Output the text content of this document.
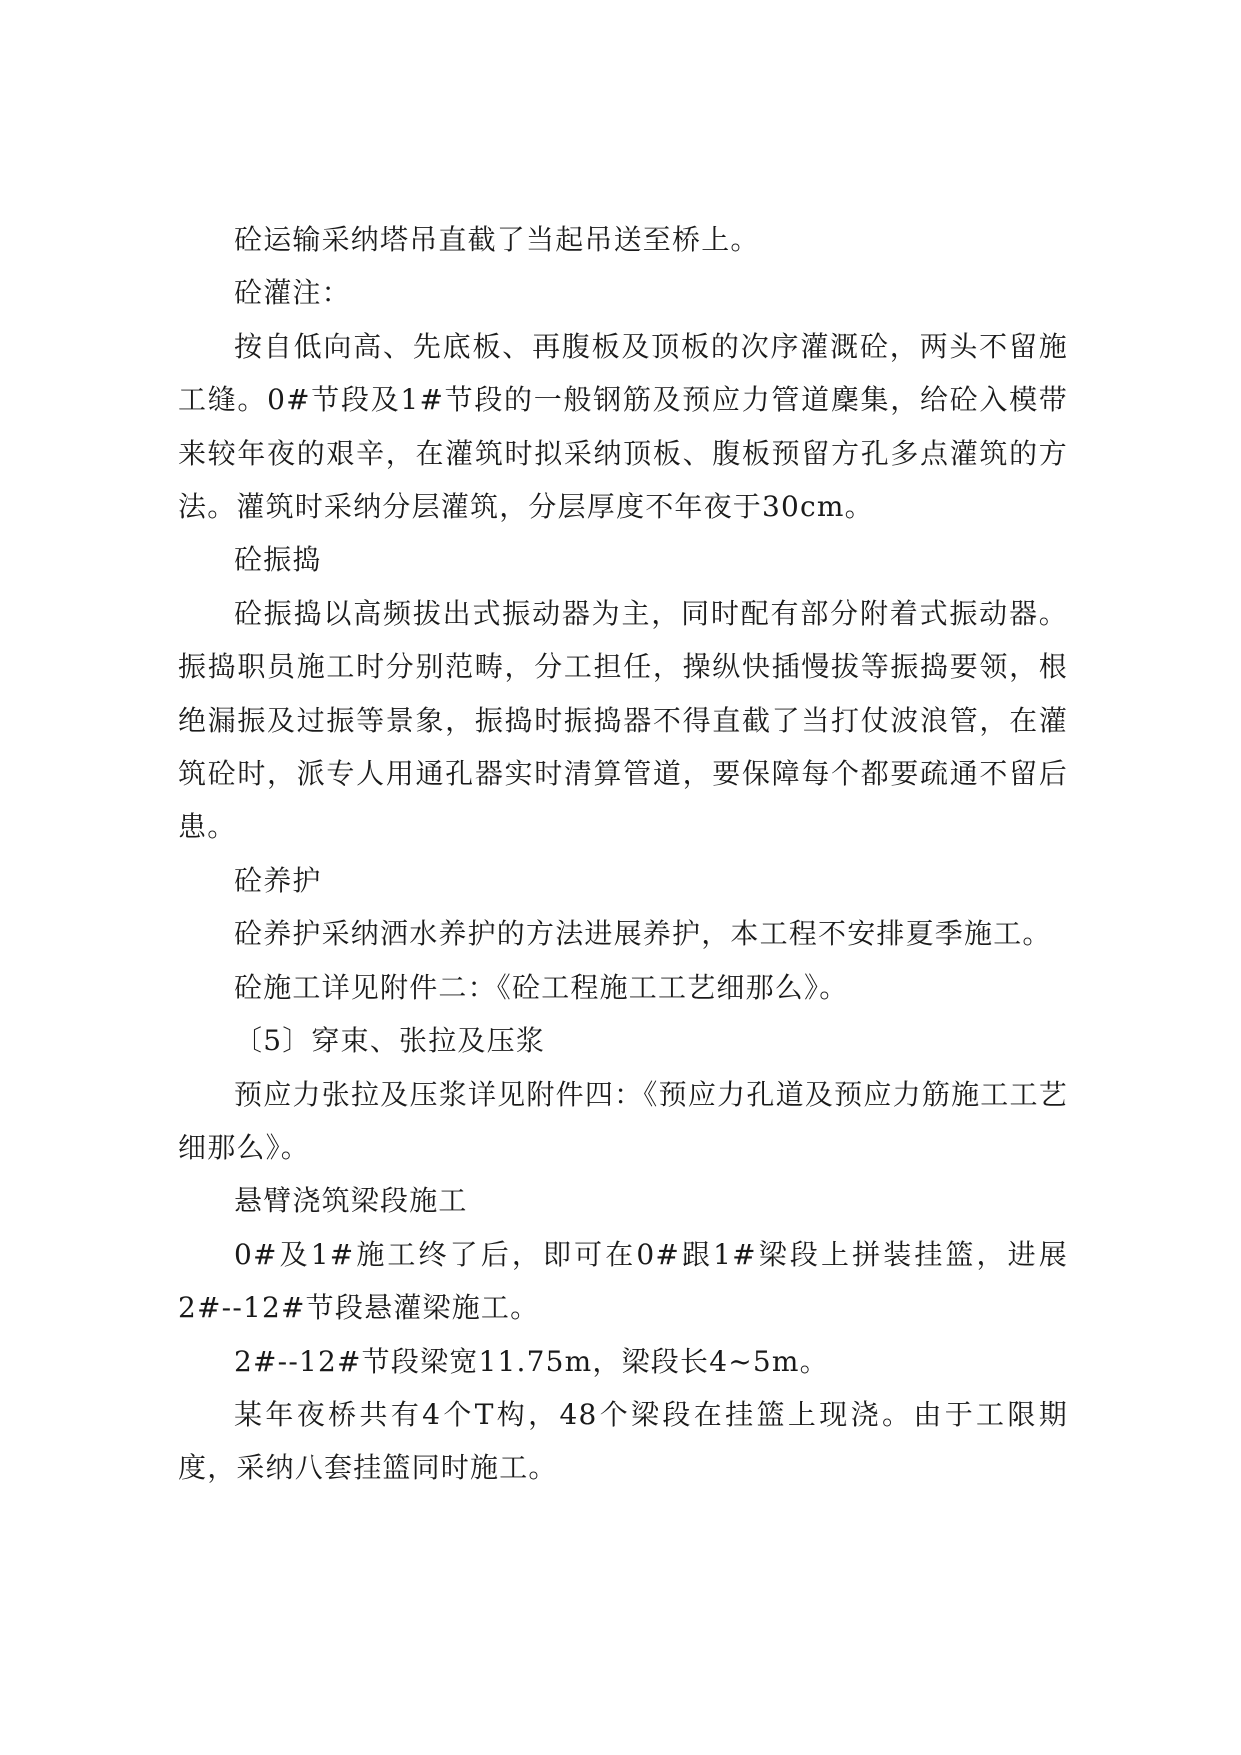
砼运输采纳塔吊直截了当起吊送至桥上。

砼灌注：

按自低向高、先底板、再腹板及顶板的次序灌溉砼，两头不留施工缝。0#节段及1#节段的一般钢筋及预应力管道麇集，给砼入模带来较年夜的艰辛，在灌筑时拟采纳顶板、腹板预留方孔多点灌筑的方法。灌筑时采纳分层灌筑，分层厚度不年夜于30cm。

砼振捣

砼振捣以高频拔出式振动器为主，同时配有部分附着式振动器。振捣职员施工时分别范畴，分工担任，操纵快插慢拔等振捣要领，根绝漏振及过振等景象，振捣时振捣器不得直截了当打仗波浪管，在灌筑砼时，派专人用通孔器实时清算管道，要保障每个都要疏通不留后患。

砼养护

砼养护采纳洒水养护的方法进展养护，本工程不安排夏季施工。

砼施工详见附件二：《砼工程施工工艺细那么》。

〔5〕穿束、张拉及压浆

预应力张拉及压浆详见附件四：《预应力孔道及预应力筋施工工艺细那么》。

悬臂浇筑梁段施工

0#及1#施工终了后，即可在0#跟1#梁段上拼装挂篮，进展2#--12#节段悬灌梁施工。

2#--12#节段梁宽11.75m，梁段长4~5m。

某年夜桥共有4个T构，48个梁段在挂篮上现浇。由于工限期度，采纳八套挂篮同时施工。
